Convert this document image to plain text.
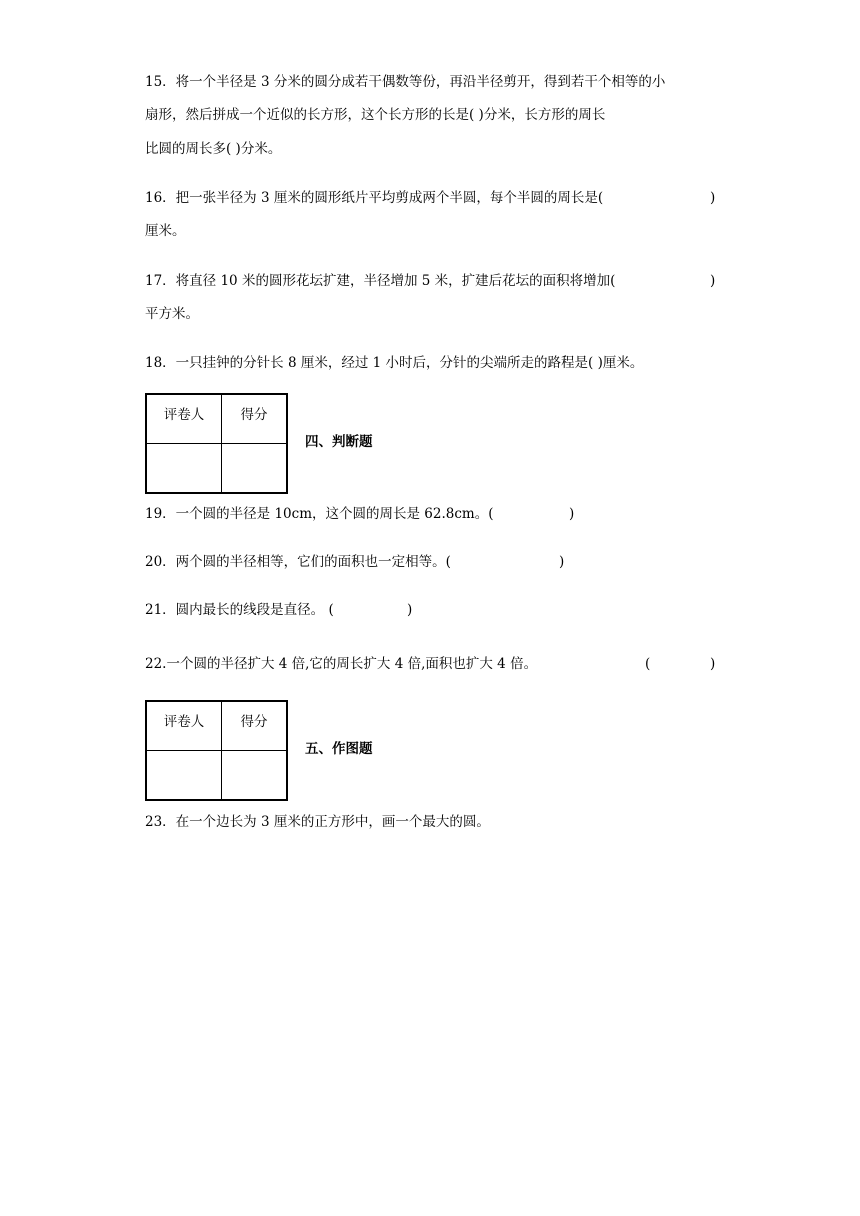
15．将一个半径是 3 分米的圆分成若干偶数等份，再沿半径剪开，得到若干个相等的小
扇形，然后拼成一个近似的长方形，这个长方形的长是( )分米，长方形的周长
比圆的周长多( )分米。
16．把一张半径为 3 厘米的圆形纸片平均剪成两个半圆，每个半圆的周长是(	)
厘米。
17．将直径 10 米的圆形花坛扩建，半径增加 5 米，扩建后花坛的面积将增加(	)
平方米。
18．一只挂钟的分针长 8 厘米，经过 1 小时后，分针的尖端所走的路程是( )厘米。
评卷人	得分

四、判断题
19．一个圆的半径是 10cm，这个圆的周长是 62.8cm。(	)
20．两个圆的半径相等，它们的面积也一定相等。(	)
21．圆内最长的线段是直径。 (	)
22.一个圆的半径扩大 4 倍,它的周长扩大 4 倍,面积也扩大 4 倍。	(	)
评卷人	得分

五、作图题
23．在一个边长为 3 厘米的正方形中，画一个最大的圆。
